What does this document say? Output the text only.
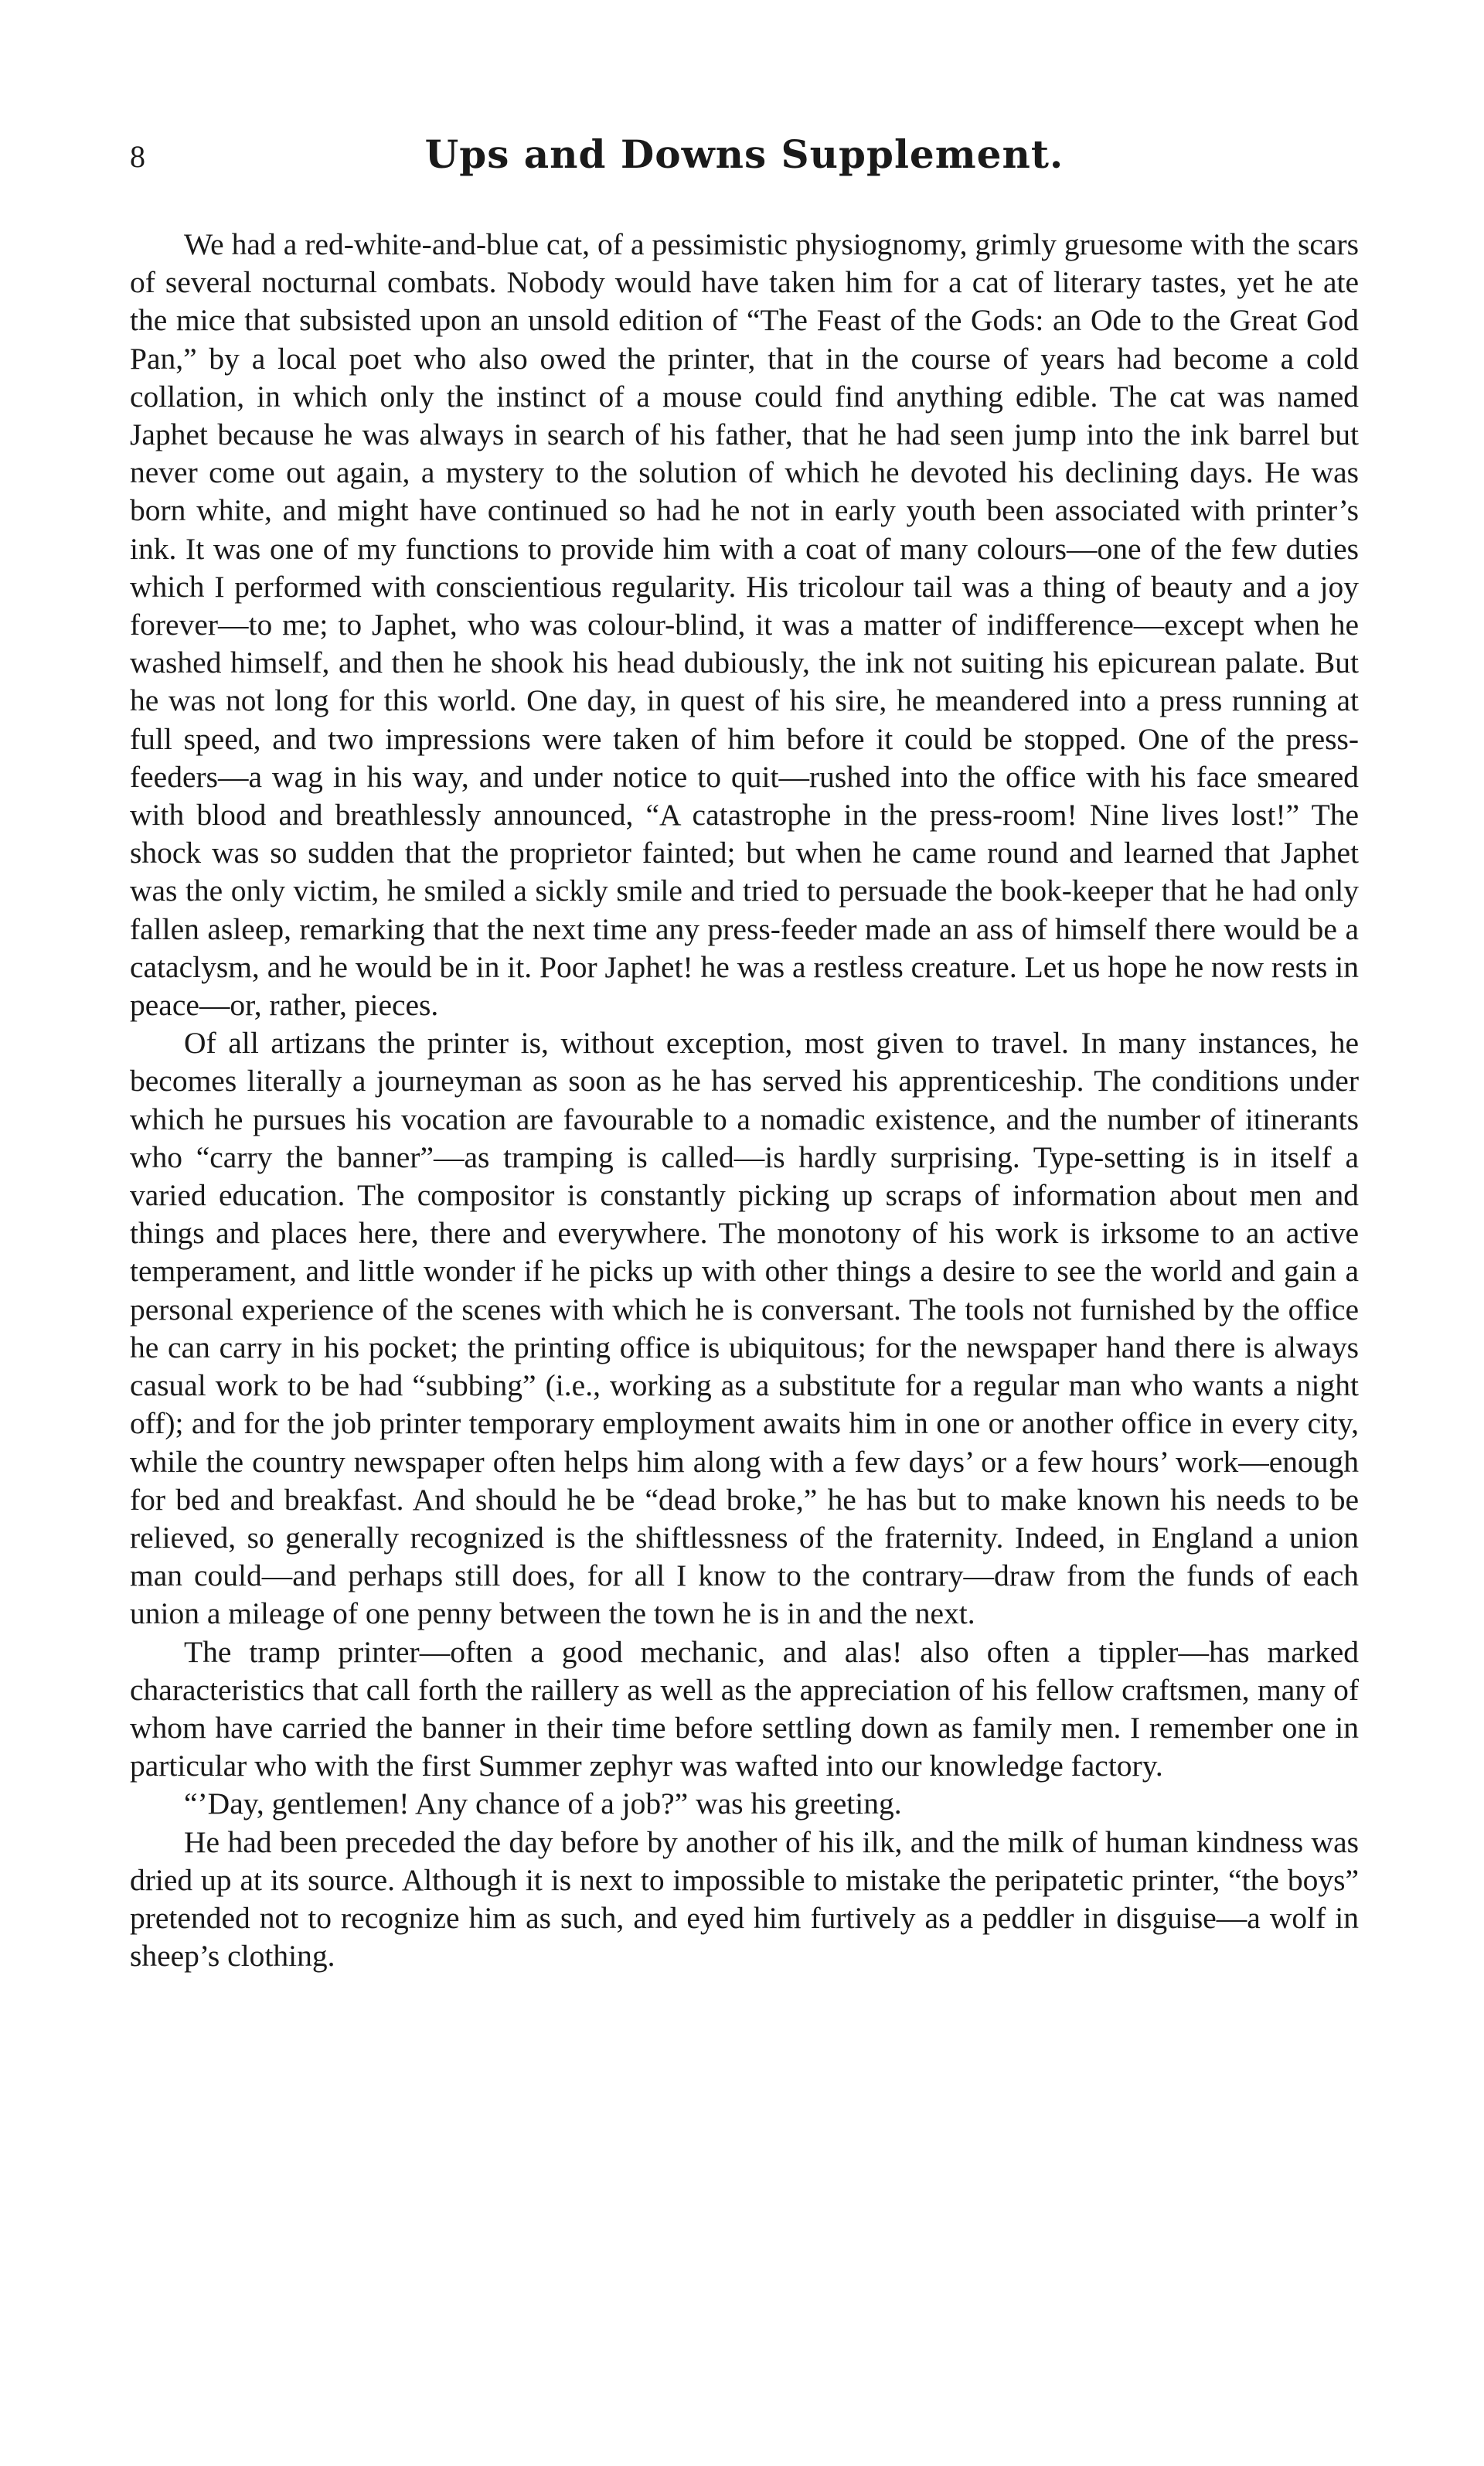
8	Ups and Downs Supplement.

We had a red-white-and-blue cat, of a pessimistic physiognomy, grimly gruesome with the scars of several nocturnal combats. Nobody would have taken him for a cat of literary tastes, yet he ate the mice that subsisted upon an unsold edition of “The Feast of the Gods: an Ode to the Great God Pan,” by a local poet who also owed the printer, that in the course of years had become a cold collation, in which only the instinct of a mouse could find anything edible. The cat was named Japhet because he was always in search of his father, that he had seen jump into the ink barrel but never come out again, a mystery to the solution of which he devoted his declining days. He was born white, and might have continued so had he not in early youth been associated with printer’s ink. It was one of my functions to provide him with a coat of many colours—one of the few duties which I performed with conscientious regularity. His tricolour tail was a thing of beauty and a joy forever—to me; to Japhet, who was colour-blind, it was a matter of indifference—except when he washed himself, and then he shook his head dubiously, the ink not suiting his epicurean palate. But he was not long for this world. One day, in quest of his sire, he meandered into a press running at full speed, and two impressions were taken of him before it could be stopped. One of the press-feeders—a wag in his way, and under notice to quit—rushed into the office with his face smeared with blood and breathlessly announced, “A catastrophe in the press-room! Nine lives lost!” The shock was so sudden that the proprietor fainted; but when he came round and learned that Japhet was the only victim, he smiled a sickly smile and tried to persuade the book-keeper that he had only fallen asleep, remarking that the next time any press-feeder made an ass of himself there would be a cataclysm, and he would be in it. Poor Japhet! he was a restless creature. Let us hope he now rests in peace—or, rather, pieces.

Of all artizans the printer is, without exception, most given to travel. In many instances, he becomes literally a journeyman as soon as he has served his apprenticeship. The conditions under which he pursues his vocation are favourable to a nomadic existence, and the number of itinerants who “carry the banner”—as tramping is called—is hardly surprising. Type-setting is in itself a varied education. The compositor is constantly picking up scraps of information about men and things and places here, there and everywhere. The monotony of his work is irksome to an active temperament, and little wonder if he picks up with other things a desire to see the world and gain a personal experience of the scenes with which he is conversant. The tools not furnished by the office he can carry in his pocket; the printing office is ubiquitous; for the newspaper hand there is always casual work to be had “subbing” (i.e., working as a substitute for a regular man who wants a night off); and for the job printer temporary employment awaits him in one or another office in every city, while the country newspaper often helps him along with a few days’ or a few hours’ work—enough for bed and breakfast. And should he be “dead broke,” he has but to make known his needs to be relieved, so generally recognized is the shiftlessness of the fraternity. Indeed, in England a union man could—and perhaps still does, for all I know to the contrary—draw from the funds of each union a mileage of one penny between the town he is in and the next.

The tramp printer—often a good mechanic, and alas! also often a tippler—has marked characteristics that call forth the raillery as well as the appreciation of his fellow craftsmen, many of whom have carried the banner in their time before settling down as family men. I remember one in particular who with the first Summer zephyr was wafted into our knowledge factory.

“’Day, gentlemen! Any chance of a job?” was his greeting.

He had been preceded the day before by another of his ilk, and the milk of human kindness was dried up at its source. Although it is next to impossible to mistake the peripatetic printer, “the boys” pretended not to recognize him as such, and eyed him furtively as a peddler in disguise—a wolf in sheep’s clothing.
